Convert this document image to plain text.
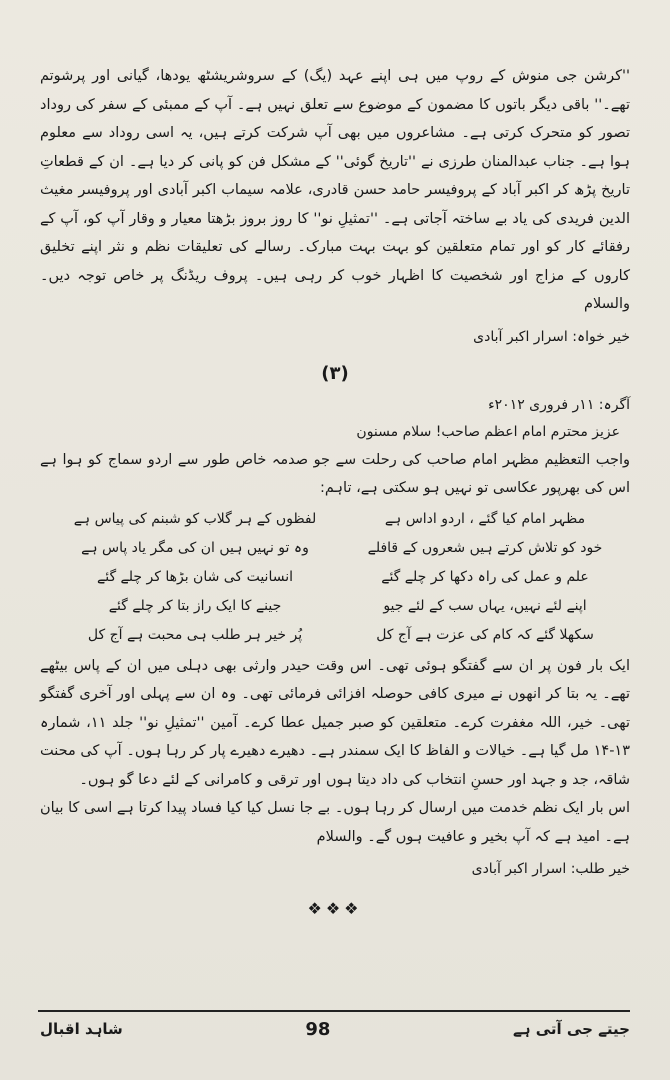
''کرشن جی منوش کے روپ میں ہی اپنے عہد (یگ) کے سروشریشٹھ یودھا، گیانی اور پرشوتم تھے۔'' باقی دیگر باتوں کا مضمون کے موضوع سے تعلق نہیں ہے۔ آپ کے ممبئی کے سفر کی روداد تصور کو متحرک کرتی ہے۔ مشاعروں میں بھی آپ شرکت کرتے ہیں، یہ اسی روداد سے معلوم ہوا ہے۔ جناب عبدالمنان طرزی نے ''تاریخ گوئی'' کے مشکل فن کو پانی کر دیا ہے۔ ان کے قطعاتِ تاریخ پڑھ کر اکبر آباد کے پروفیسر حامد حسن قادری، علامہ سیماب اکبر آبادی اور پروفیسر مغیث الدین فریدی کی یاد بے ساختہ آجاتی ہے۔ ''تمثیلِ نو'' کا روز بروز بڑھتا معیار و وقار آپ کو، آپ کے رفقائے کار کو اور تمام متعلقین کو بہت بہت مبارک۔ رسالے کی تعلیقات نظم و نثر اپنے تخلیق کاروں کے مزاج اور شخصیت کا اظہار خوب کر رہی ہیں۔ پروف ریڈنگ پر خاص توجہ دیں۔ والسلام

خیر خواہ: اسرار اکبر آبادی

(۳)

آگرہ: ۱۱ر فروری ۲۰۱۲ء

عزیز محترم امام اعظم صاحب! سلام مسنون

واجب التعظیم مظہر امام صاحب کی رحلت سے جو صدمہ خاص طور سے اردو سماج کو ہوا ہے اس کی بھرپور عکاسی تو نہیں ہو سکتی ہے، تاہم:

مظہر امام کیا گئے ، اردو اداس ہے
لفظوں کے ہر گلاب کو شبنم کی پیاس ہے
خود کو تلاش کرتے ہیں شعروں کے قافلے
وہ تو نہیں ہیں ان کی مگر یاد پاس ہے
علم و عمل کی راہ دکھا کر چلے گئے
انسانیت کی شان بڑھا کر چلے گئے
اپنے لئے نہیں، یہاں سب کے لئے جیو
جینے کا ایک راز بتا کر چلے گئے
سکھلا گئے کہ کام کی عزت ہے آج کل
پُر خیر ہر طلب ہی محبت ہے آج کل

ایک بار فون پر ان سے گفتگو ہوئی تھی۔ اس وقت حیدر وارثی بھی دہلی میں ان کے پاس بیٹھے تھے۔ یہ بتا کر انھوں نے میری کافی حوصلہ افزائی فرمائی تھی۔ وہ ان سے پہلی اور آخری گفتگو تھی۔ خیر، اللہ مغفرت کرے۔ متعلقین کو صبر جمیل عطا کرے۔ آمین ''تمثیلِ نو'' جلد ۱۱، شمارہ ۱۳-۱۴ مل گیا ہے۔ خیالات و الفاظ کا ایک سمندر ہے۔ دھیرے دھیرے پار کر رہا ہوں۔ آپ کی محنت شاقہ، جد و جہد اور حسنِ انتخاب کی داد دیتا ہوں اور ترقی و کامرانی کے لئے دعا گو ہوں۔

اس بار ایک نظم خدمت میں ارسال کر رہا ہوں۔ بے جا نسل کیا کیا فساد پیدا کرتا ہے اسی کا بیان ہے۔ امید ہے کہ آپ بخیر و عافیت ہوں گے۔ والسلام

خیر طلب: اسرار اکبر آبادی

❖❖❖
شاہد اقبال	98	جیتے جی آتی ہے
